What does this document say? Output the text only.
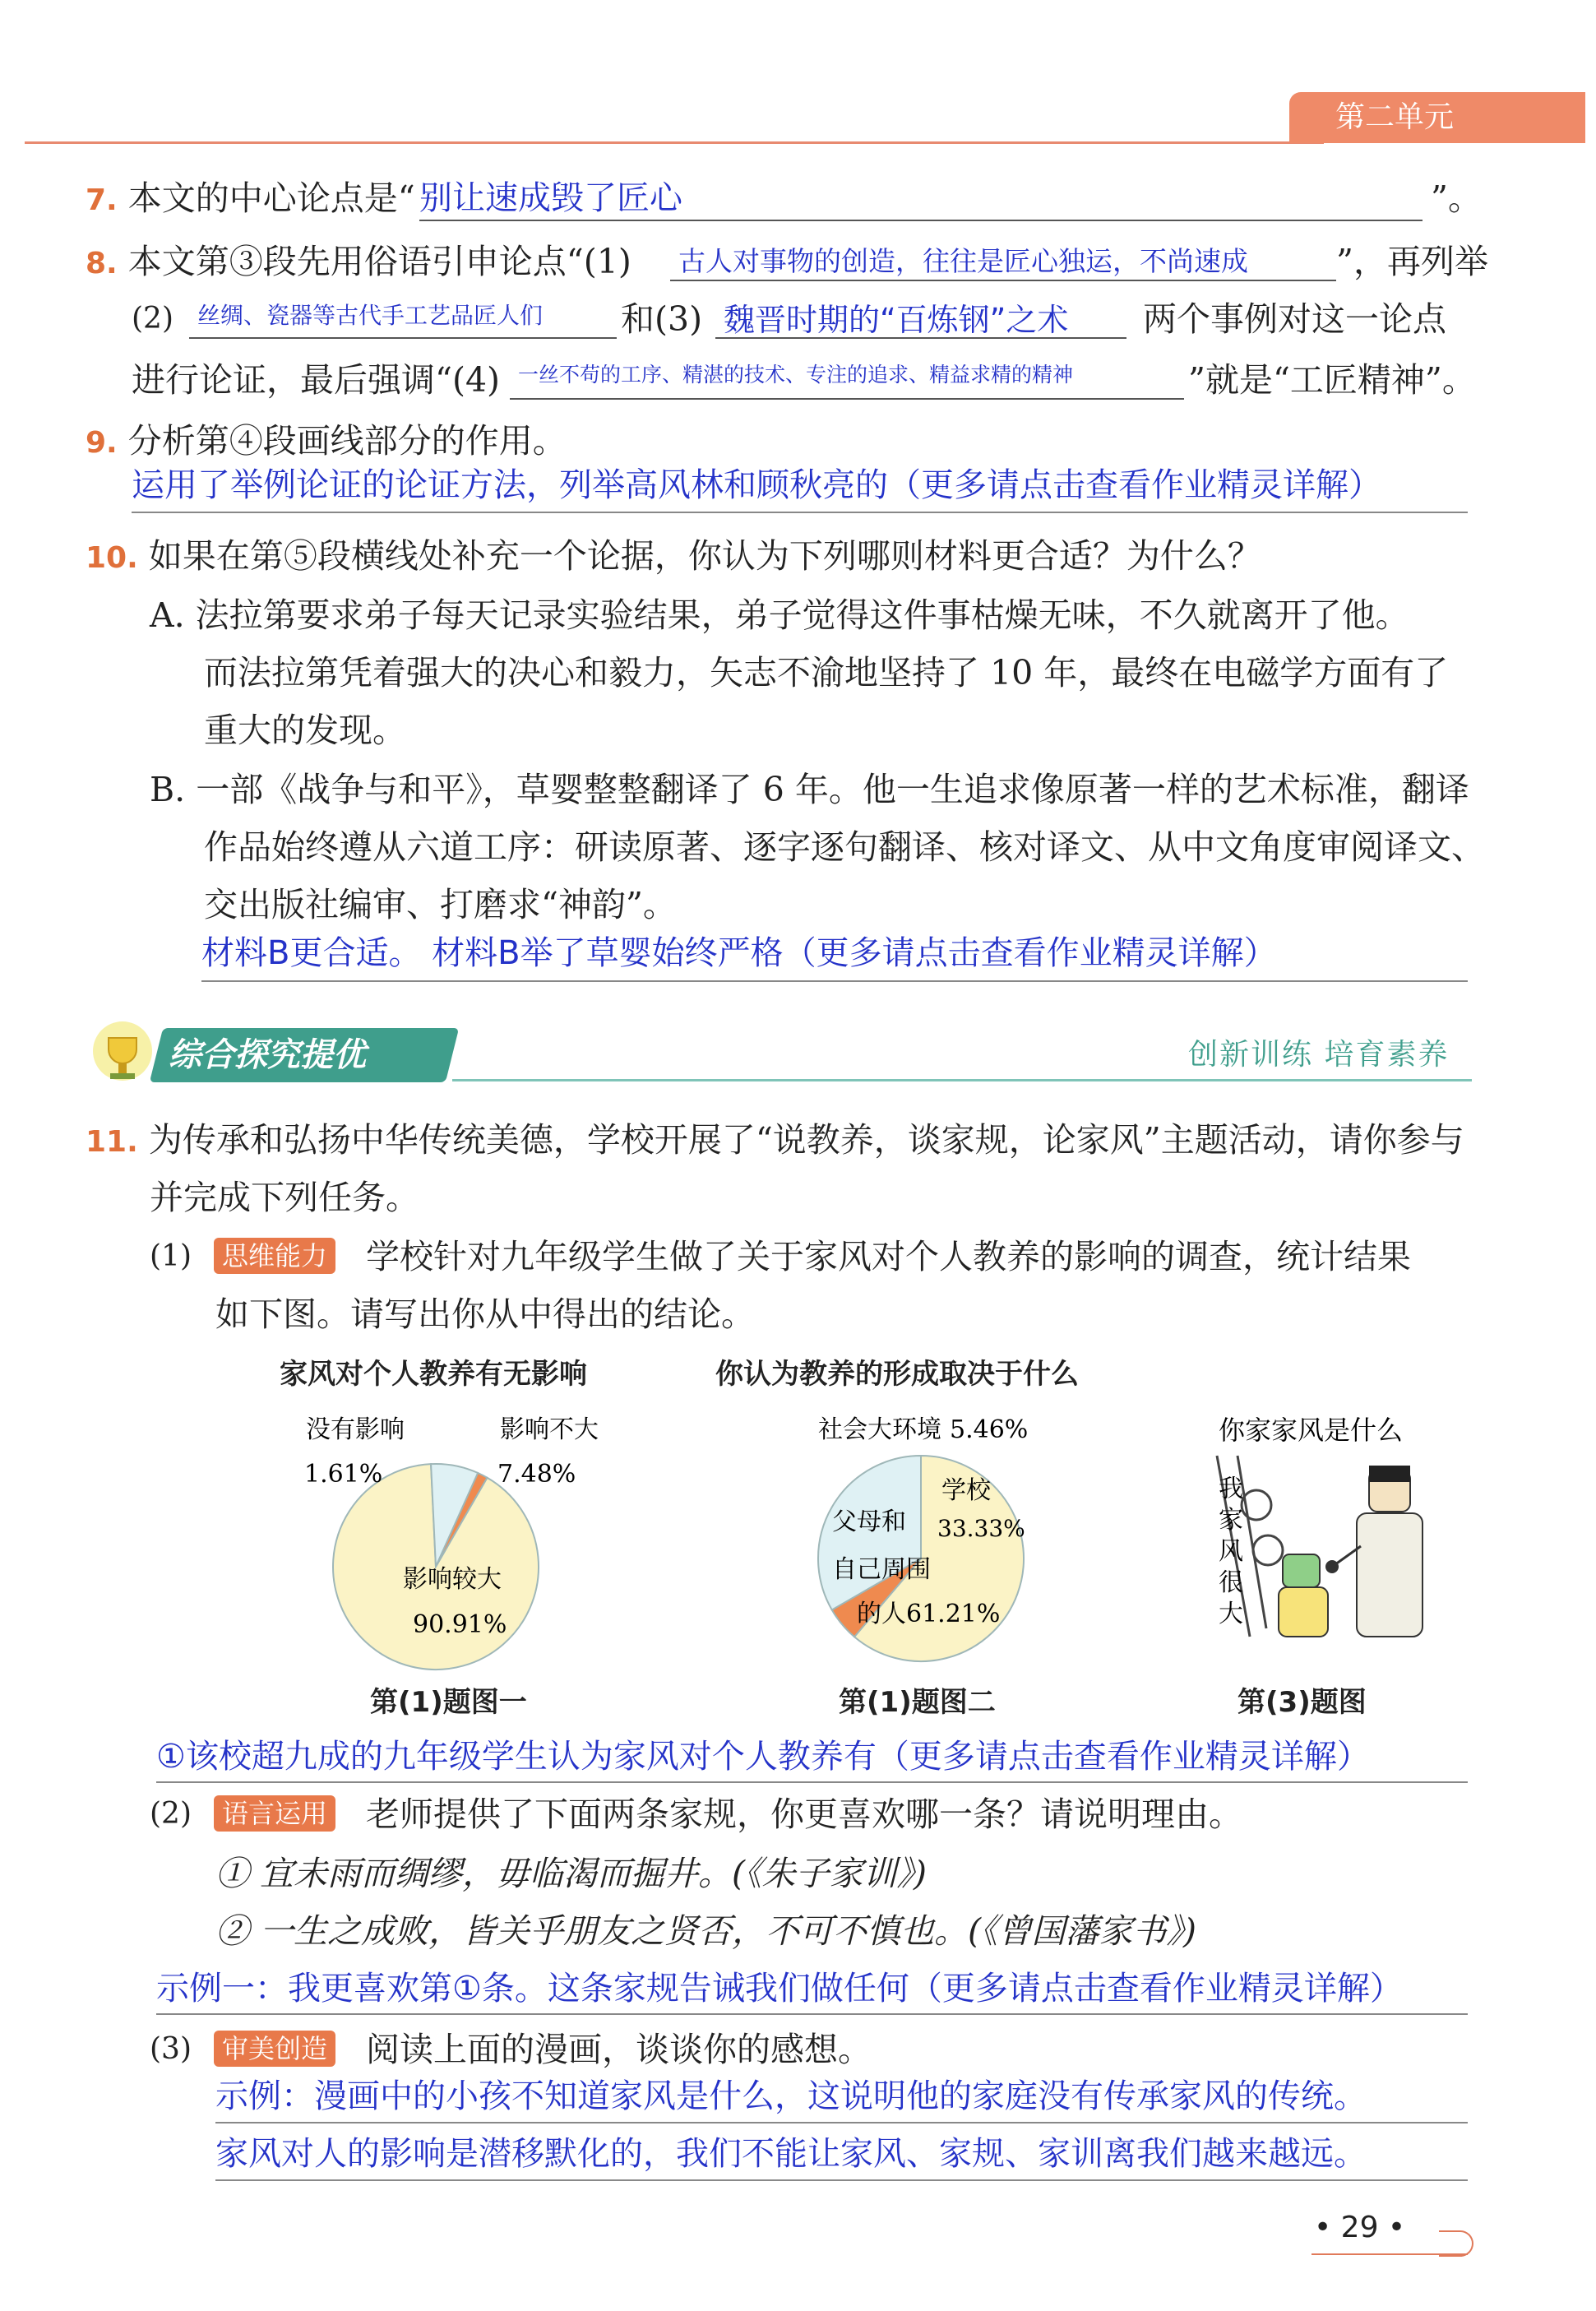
第二单元
7. 本文的中心论点是“ 别让速成毁了匠心	”。
8. 本文第③段先用俗语引申论点“(1)	古人对事物的创造，往往是匠心独运，不尚速成	”，再列举
(2)	丝绸、瓷器等古代手工艺品匠人们	和(3) 魏晋时期的“百炼钢”之术	两个事例对这一论点
进行论证，最后强调“(4) 一丝不苟的工序、精湛的技术、专注的追求、精益求精的精神	”就是“工匠精神”。
9. 分析第④段画线部分的作用。
运用了举例论证的论证方法，列举高风林和顾秋亮的（更多请点击查看作业精灵详解）
10. 如果在第⑤段横线处补充一个论据，你认为下列哪则材料更合适？为什么？
A. 法拉第要求弟子每天记录实验结果，弟子觉得这件事枯燥无味，不久就离开了他。
而法拉第凭着强大的决心和毅力，矢志不渝地坚持了 10 年，最终在电磁学方面有了
重大的发现。
B. 一部《战争与和平》，草婴整整翻译了 6 年。他一生追求像原著一样的艺术标准，翻译
作品始终遵从六道工序：研读原著、逐字逐句翻译、核对译文、从中文角度审阅译文、
交出版社编审、打磨求“神韵”。
材料B更合适。 材料B举了草婴始终严格（更多请点击查看作业精灵详解）
综合探究提优	创新训练 培育素养
11. 为传承和弘扬中华传统美德，学校开展了“说教养，谈家规，论家风”主题活动，请你参与
并完成下列任务。
(1)	思维能力 学校针对九年级学生做了关于家风对个人教养的影响的调查，统计结果
如下图。请写出你从中得出的结论。
家风对个人教养有无影响	你认为教养的形成取决于什么
没有影响
1.61%
影响不大
7.48%
影响较大
90.91%
社会大环境 5.46%
学校
33.33%
父母和
自己周围
的人 61.21%
你家家风是什么
我
家
风
很
大
第(1)题图一	第(1)题图二	第(3)题图
①该校超九成的九年级学生认为家风对个人教养有（更多请点击查看作业精灵详解）
(2)	语言运用 老师提供了下面两条家规，你更喜欢哪一条？请说明理由。
① 宜未雨而绸缪，毋临渴而掘井。(《朱子家训》)
② 一生之成败，皆关乎朋友之贤否，不可不慎也。(《曾国藩家书》)
示例一：我更喜欢第①条。这条家规告诫我们做任何（更多请点击查看作业精灵详解）
(3)	审美创造 阅读上面的漫画，谈谈你的感想。
示例：漫画中的小孩不知道家风是什么，这说明他的家庭没有传承家风的传统。
家风对人的影响是潜移默化的，我们不能让家风、家规、家训离我们越来越远。
• 29 •
